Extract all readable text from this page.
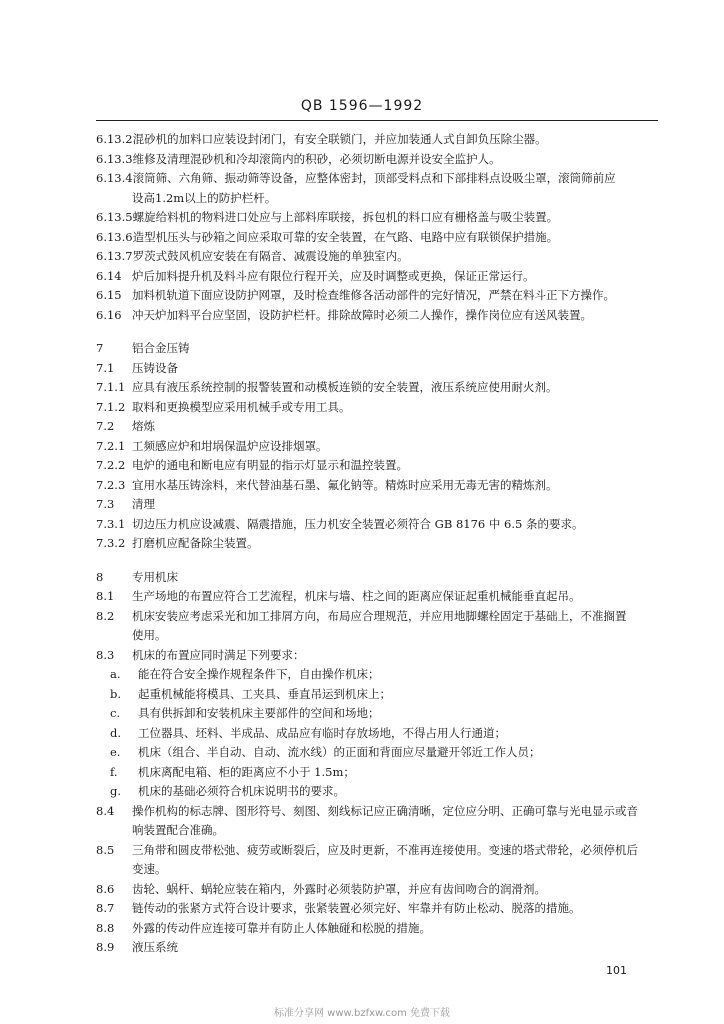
QB 1596—1992
6.13.2混砂机的加料口应装设封闭门，有安全联锁门，并应加装通人式自卸负压除尘器。
6.13.3维修及清理混砂机和冷却滚筒内的积砂，必须切断电源并设安全监护人。
6.13.4滚筒筛、六角筛、振动筛等设备，应整体密封，顶部受料点和下部排料点设吸尘罩，滚筒筛前应
设高1.2m以上的防护栏杆。
6.13.5螺旋给料机的物料进口处应与上部料库联接，拆包机的料口应有栅格盖与吸尘装置。
6.13.6造型机压头与砂箱之间应采取可靠的安全装置，在气路、电路中应有联锁保护措施。
6.13.7罗茨式鼓风机应安装在有隔音、减震设施的单独室内。
6.14 炉后加料提升机及料斗应有限位行程开关，应及时调整或更换，保证正常运行。
6.15 加料机轨道下面应设防护网罩，及时检查维修各活动部件的完好情况，严禁在料斗正下方操作。
6.16 冲天炉加料平台应坚固，设防护栏杆。排除故障时必须二人操作，操作岗位应有送风装置。
7 铝合金压铸
7.1 压铸设备
7.1.1 应具有液压系统控制的报警装置和动模板连锁的安全装置，液压系统应使用耐火剂。
7.1.2 取料和更换模型应采用机械手或专用工具。
7.2 熔炼
7.2.1 工频感应炉和坩埚保温炉应设排烟罩。
7.2.2 电炉的通电和断电应有明显的指示灯显示和温控装置。
7.2.3 宜用水基压铸涂料，来代替油基石墨、氟化钠等。精炼时应采用无毒无害的精炼剂。
7.3 清理
7.3.1 切边压力机应设减震、隔震措施，压力机安全装置必须符合 GB 8176 中 6.5 条的要求。
7.3.2 打磨机应配备除尘装置。
8 专用机床
8.1 生产场地的布置应符合工艺流程，机床与墙、柱之间的距离应保证起重机械能垂直起吊。
8.2 机床安装应考虑采光和加工排屑方向，布局应合理规范，并应用地脚螺栓固定于基础上，不准搁置
使用。
8.3 机床的布置应同时满足下列要求：
a. 能在符合安全操作规程条件下，自由操作机床；
b. 起重机械能将模具、工夹具、垂直吊运到机床上；
c. 具有供拆卸和安装机床主要部件的空间和场地；
d. 工位器具、坯料、半成品、成品应有临时存放场地，不得占用人行通道；
e. 机床（组合、半自动、自动、流水线）的正面和背面应尽量避开邻近工作人员；
f. 机床离配电箱、柜的距离应不小于 1.5m；
g. 机床的基础必须符合机床说明书的要求。
8.4 操作机构的标志牌、图形符号、刻图、刻线标记应正确清晰，定位应分明、正确可靠与光电显示或音
响装置配合准确。
8.5 三角带和圆皮带松弛、疲劳或断裂后，应及时更新，不准再连接使用。变速的塔式带轮，必须停机后
变速。
8.6 齿轮、蜗杆、蜗轮应装在箱内，外露时必须装防护罩，并应有齿间吻合的润滑剂。
8.7 链传动的张紧方式符合设计要求，张紧装置必须完好、牢靠并有防止松动、脱落的措施。
8.8 外露的传动件应连接可靠并有防止人体触碰和松脱的措施。
8.9 液压系统
101
标准分享网 www.bzfxw.com 免费下载
